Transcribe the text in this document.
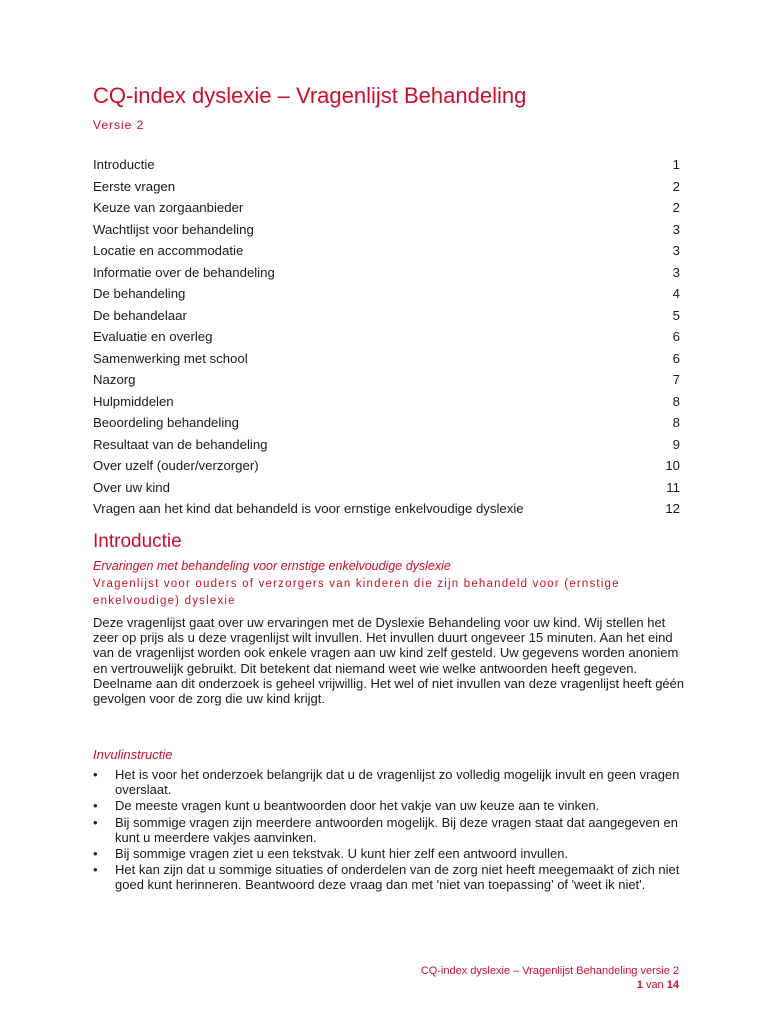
CQ-index dyslexie – Vragenlijst Behandeling
Versie 2
Introductie	1
Eerste vragen	2
Keuze van zorgaanbieder	2
Wachtlijst voor behandeling	3
Locatie en accommodatie	3
Informatie over de behandeling	3
De behandeling	4
De behandelaar	5
Evaluatie en overleg	6
Samenwerking met school	6
Nazorg	7
Hulpmiddelen	8
Beoordeling behandeling	8
Resultaat van de behandeling	9
Over uzelf (ouder/verzorger)	10
Over uw kind	11
Vragen aan het kind dat behandeld is voor ernstige enkelvoudige dyslexie	12
Introductie
Ervaringen met behandeling voor ernstige enkelvoudige dyslexie
Vragenlijst voor ouders of verzorgers van kinderen die zijn behandeld voor (ernstige enkelvoudige) dyslexie
Deze vragenlijst gaat over uw ervaringen met de Dyslexie Behandeling voor uw kind. Wij stellen het zeer op prijs als u deze vragenlijst wilt invullen. Het invullen duurt ongeveer 15 minuten. Aan het eind van de vragenlijst worden ook enkele vragen aan uw kind zelf gesteld. Uw gegevens worden anoniem en vertrouwelijk gebruikt. Dit betekent dat niemand weet wie welke antwoorden heeft gegeven.
Deelname aan dit onderzoek is geheel vrijwillig. Het wel of niet invullen van deze vragenlijst heeft géén gevolgen voor de zorg die uw kind krijgt.
Invulinstructie
• Het is voor het onderzoek belangrijk dat u de vragenlijst zo volledig mogelijk invult en geen vragen overslaat.
• De meeste vragen kunt u beantwoorden door het vakje van uw keuze aan te vinken.
• Bij sommige vragen zijn meerdere antwoorden mogelijk. Bij deze vragen staat dat aangegeven en kunt u meerdere vakjes aanvinken.
• Bij sommige vragen ziet u een tekstvak. U kunt hier zelf een antwoord invullen.
• Het kan zijn dat u sommige situaties of onderdelen van de zorg niet heeft meegemaakt of zich niet goed kunt herinneren. Beantwoord deze vraag dan met 'niet van toepassing' of 'weet ik niet'.
CQ-index dyslexie – Vragenlijst Behandeling versie 2
1 van 14
